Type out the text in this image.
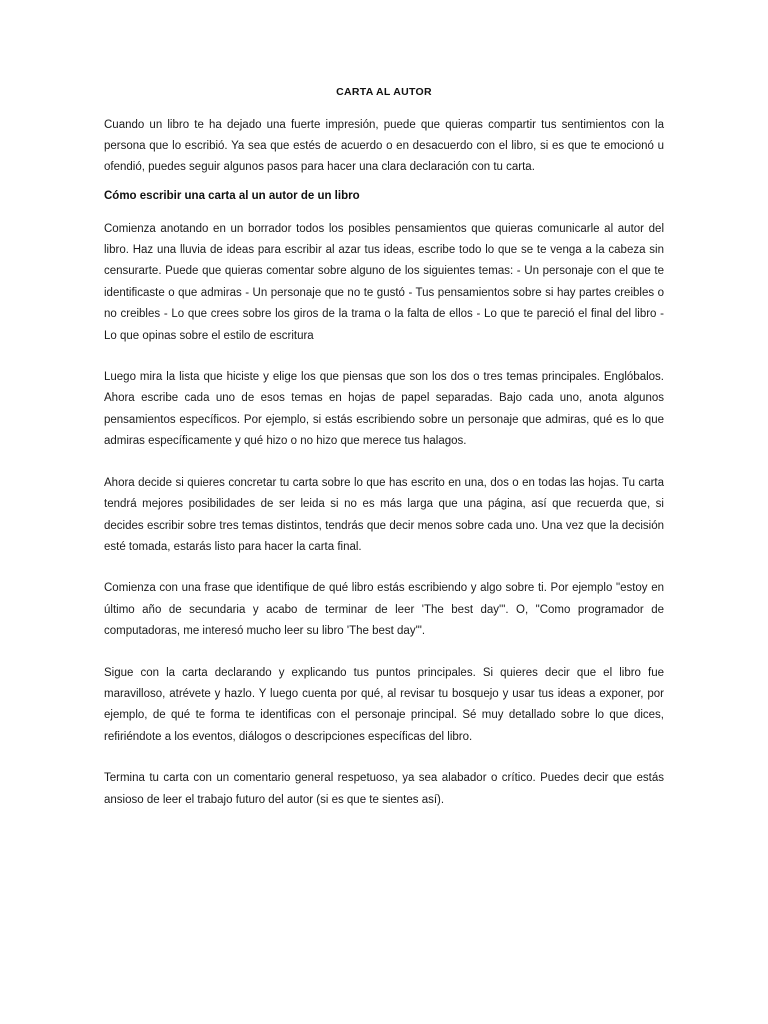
CARTA AL AUTOR

Cuando un libro te ha dejado una fuerte impresión, puede que quieras compartir tus sentimientos con la persona que lo escribió. Ya sea que estés de acuerdo o en desacuerdo con el libro, si es que te emocionó u ofendió, puedes seguir algunos pasos para hacer una clara declaración con tu carta.

Cómo escribir una carta al un autor de un libro

Comienza anotando en un borrador todos los posibles pensamientos que quieras comunicarle al autor del libro. Haz una lluvia de ideas para escribir al azar tus ideas, escribe todo lo que se te venga a la cabeza sin censurarte. Puede que quieras comentar sobre alguno de los siguientes temas: - Un personaje con el que te identificaste o que admiras - Un personaje que no te gustó - Tus pensamientos sobre si hay partes creibles o no creibles - Lo que crees sobre los giros de la trama o la falta de ellos - Lo que te pareció el final del libro - Lo que opinas sobre el estilo de escritura

Luego mira la lista que hiciste y elige los que piensas que son los dos o tres temas principales. Englóbalos. Ahora escribe cada uno de esos temas en hojas de papel separadas. Bajo cada uno, anota algunos pensamientos específicos. Por ejemplo, si estás escribiendo sobre un personaje que admiras, qué es lo que admiras específicamente y qué hizo o no hizo que merece tus halagos.

Ahora decide si quieres concretar tu carta sobre lo que has escrito en una, dos o en todas las hojas. Tu carta tendrá mejores posibilidades de ser leida si no es más larga que una página, así que recuerda que, si decides escribir sobre tres temas distintos, tendrás que decir menos sobre cada uno. Una vez que la decisión esté tomada, estarás listo para hacer la carta final.

Comienza con una frase que identifique de qué libro estás escribiendo y algo sobre ti. Por ejemplo "estoy en último año de secundaria y acabo de terminar de leer 'The best day'". O, "Como programador de computadoras, me interesó mucho leer su libro 'The best day'".

Sigue con la carta declarando y explicando tus puntos principales. Si quieres decir que el libro fue maravilloso, atrévete y hazlo. Y luego cuenta por qué, al revisar tu bosquejo y usar tus ideas a exponer, por ejemplo, de qué te forma te identificas con el personaje principal. Sé muy detallado sobre lo que dices, refiriéndote a los eventos, diálogos o descripciones específicas del libro.

Termina tu carta con un comentario general respetuoso, ya sea alabador o crítico. Puedes decir que estás ansioso de leer el trabajo futuro del autor (si es que te sientes así).
